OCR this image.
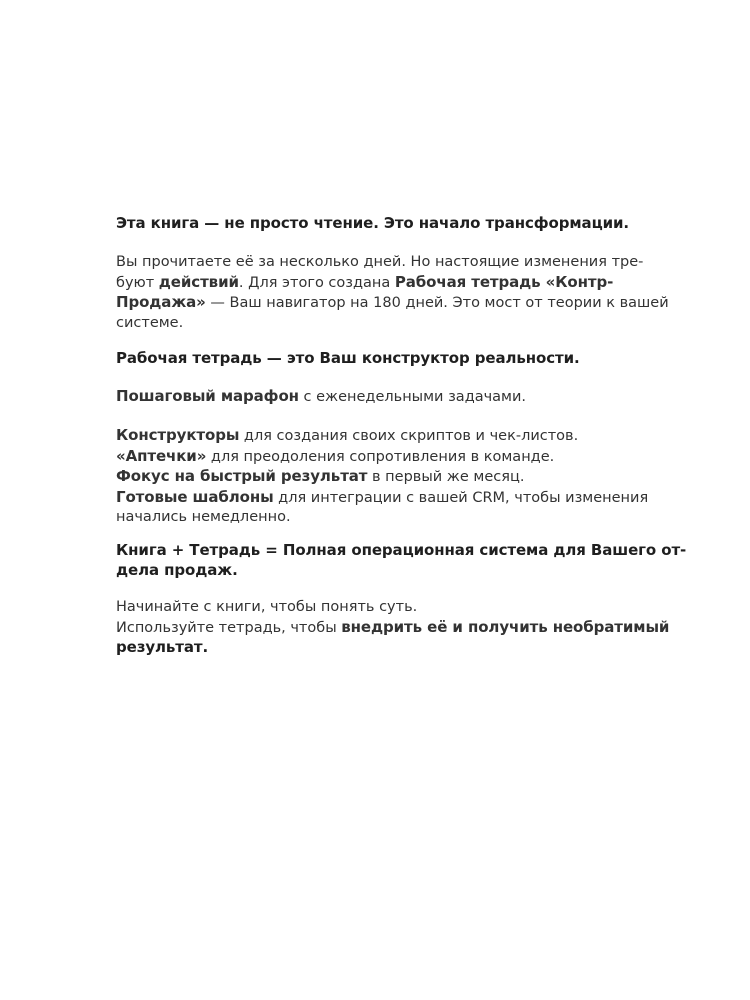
Эта книга — не просто чтение. Это начало трансформации.

Вы прочитаете её за несколько дней. Но настоящие изменения тре-
буют действий. Для этого создана Рабочая тетрадь «Контр-
Продажа» — Ваш навигатор на 180 дней. Это мост от теории к вашей
системе.

Рабочая тетрадь — это Ваш конструктор реальности.

Пошаговый марафон с еженедельными задачами.

Конструкторы для создания своих скриптов и чек-листов.
«Аптечки» для преодоления сопротивления в команде.
Фокус на быстрый результат в первый же месяц.
Готовые шаблоны для интеграции с вашей CRM, чтобы изменения
начались немедленно.

Книга + Тетрадь = Полная операционная система для Вашего от-
дела продаж.

Начинайте с книги, чтобы понять суть.
Используйте тетрадь, чтобы внедрить её и получить необратимый
результат.
